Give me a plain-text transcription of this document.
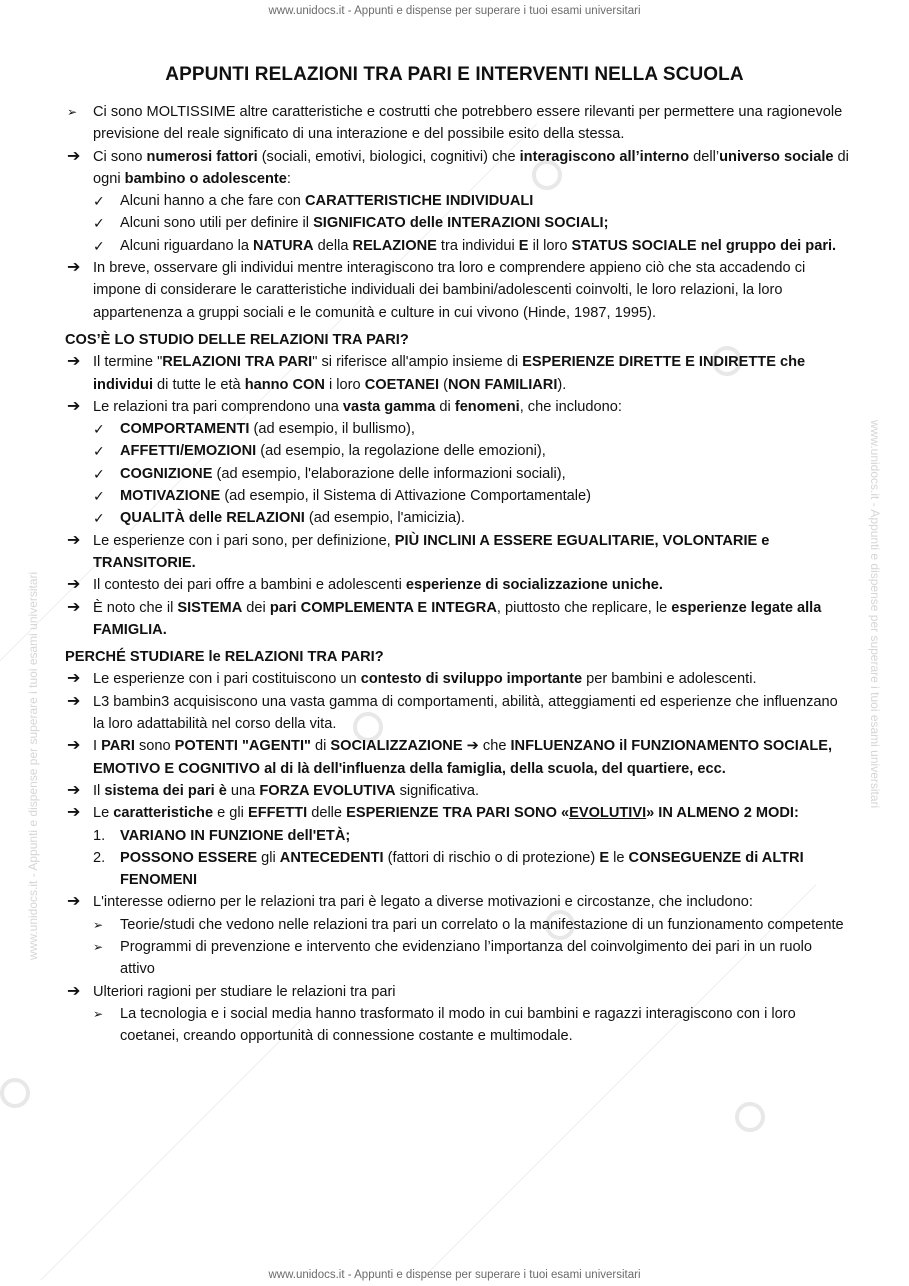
www.unidocs.it - Appunti e dispense per superare i tuoi esami universitari	www.unidocs.it - Appunti e dispense per superare i tuoi esami universitari
www.unidocs.it - Appunti e dispense per superare i tuoi esami universitari
www.unidocs.it - Appunti e dispense per superare i tuoi esami universitari
APPUNTI RELAZIONI TRA PARI E INTERVENTI NELLA SCUOLA
➢ Ci sono MOLTISSIME altre caratteristiche e costrutti che potrebbero essere rilevanti per permettere una ragionevole previsione del reale significato di una interazione e del possibile esito della stessa.
➔ Ci sono numerosi fattori (sociali, emotivi, biologici, cognitivi) che interagiscono all’interno dell’universo sociale di ogni bambino o adolescente:
✓ Alcuni hanno a che fare con CARATTERISTICHE INDIVIDUALI
✓ Alcuni sono utili per definire il SIGNIFICATO delle INTERAZIONI SOCIALI;
✓ Alcuni riguardano la NATURA della RELAZIONE tra individui E il loro STATUS SOCIALE nel gruppo dei pari.
➔ In breve, osservare gli individui mentre interagiscono tra loro e comprendere appieno ciò che sta accadendo ci impone di considerare le caratteristiche individuali dei bambini/adolescenti coinvolti, le loro relazioni, la loro appartenenza a gruppi sociali e le comunità e culture in cui vivono (Hinde, 1987, 1995).
COS’È LO STUDIO DELLE RELAZIONI TRA PARI?
➔ Il termine "RELAZIONI TRA PARI" si riferisce all'ampio insieme di ESPERIENZE DIRETTE E INDIRETTE che individui di tutte le età hanno CON i loro COETANEI (NON FAMILIARI).
➔ Le relazioni tra pari comprendono una vasta gamma di fenomeni, che includono:
✓ COMPORTAMENTI (ad esempio, il bullismo),
✓ AFFETTI/EMOZIONI (ad esempio, la regolazione delle emozioni),
✓ COGNIZIONE (ad esempio, l'elaborazione delle informazioni sociali),
✓ MOTIVAZIONE (ad esempio, il Sistema di Attivazione Comportamentale)
✓ QUALITÀ delle RELAZIONI (ad esempio, l'amicizia).
➔ Le esperienze con i pari sono, per definizione, PIÙ INCLINI A ESSERE EGUALITARIE, VOLONTARIE e TRANSITORIE.
➔ Il contesto dei pari offre a bambini e adolescenti esperienze di socializzazione uniche.
➔ È noto che il SISTEMA dei pari COMPLEMENTA E INTEGRA, piuttosto che replicare, le esperienze legate alla FAMIGLIA.
PERCHÉ STUDIARE le RELAZIONI TRA PARI?
➔ Le esperienze con i pari costituiscono un contesto di sviluppo importante per bambini e adolescenti.
➔ L3 bambin3 acquisiscono una vasta gamma di comportamenti, abilità, atteggiamenti ed esperienze che influenzano la loro adattabilità nel corso della vita.
➔ I PARI sono POTENTI "AGENTI" di SOCIALIZZAZIONE ➔ che INFLUENZANO il FUNZIONAMENTO SOCIALE, EMOTIVO E COGNITIVO al di là dell'influenza della famiglia, della scuola, del quartiere, ecc.
➔ Il sistema dei pari è una FORZA EVOLUTIVA significativa.
➔ Le caratteristiche e gli EFFETTI delle ESPERIENZE TRA PARI SONO «EVOLUTIVI» IN ALMENO 2 MODI:
1. VARIANO IN FUNZIONE dell'ETÀ;
2. POSSONO ESSERE gli ANTECEDENTI (fattori di rischio o di protezione) E le CONSEGUENZE di ALTRI FENOMENI
➔ L'interesse odierno per le relazioni tra pari è legato a diverse motivazioni e circostanze, che includono:
➢ Teorie/studi che vedono nelle relazioni tra pari un correlato o la manifestazione di un funzionamento competente
➢ Programmi di prevenzione e intervento che evidenziano l’importanza del coinvolgimento dei pari in un ruolo attivo
➔ Ulteriori ragioni per studiare le relazioni tra pari
➢ La tecnologia e i social media hanno trasformato il modo in cui bambini e ragazzi interagiscono con i loro coetanei, creando opportunità di connessione costante e multimodale.
